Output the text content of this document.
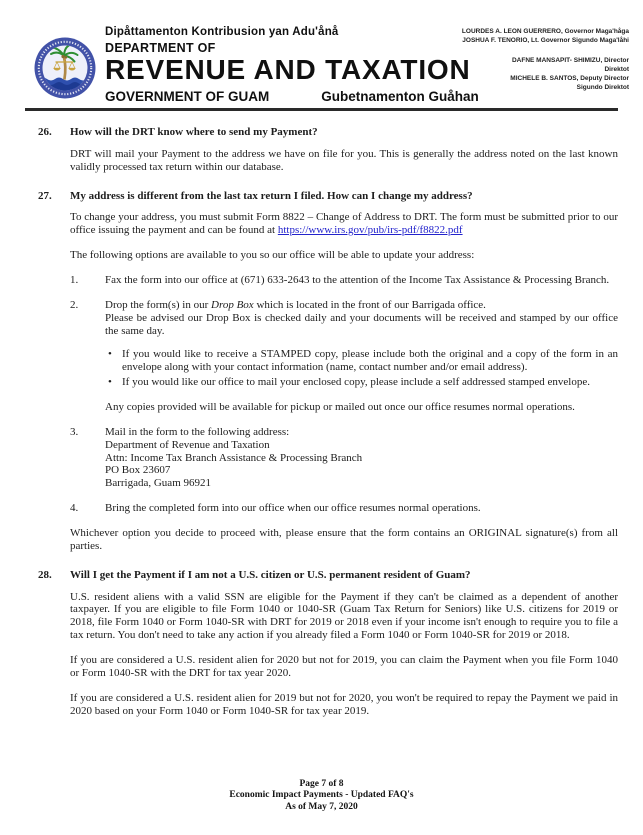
Dipåttamenton Kontribusion yan Adu'ånå
DEPARTMENT OF
REVENUE AND TAXATION
GOVERNMENT OF GUAM	Gubetnamenton Guåhan
LOURDES A. LEON GUERRERO, Governor Maga'håga
JOSHUA F. TENORIO, Lt. Governor Sigundo Maga'låhi
DAFNE MANSAPIT- SHIMIZU, Director
Direktot
MICHELE B. SANTOS, Deputy Director
Sigundo Direktot
26.	How will the DRT know where to send my Payment?

DRT will mail your Payment to the address we have on file for you. This is generally the address noted on the last known validly processed tax return within our database.

27.	My address is different from the last tax return I filed. How can I change my address?

To change your address, you must submit Form 8822 – Change of Address to DRT. The form must be submitted prior to our office issuing the payment and can be found at https://www.irs.gov/pub/irs-pdf/f8822.pdf

The following options are available to you so our office will be able to update your address:

1.	Fax the form into our office at (671) 633-2643 to the attention of the Income Tax Assistance & Processing Branch.
2.	Drop the form(s) in our Drop Box which is located in the front of our Barrigada office.
Please be advised our Drop Box is checked daily and your documents will be received and stamped by our office the same day.
•
If you would like to receive a STAMPED copy, please include both the original and a copy of the form in an envelope along with your contact information (name, contact number and/or email address).
•
If you would like our office to mail your enclosed copy, please include a self addressed stamped envelope.

Any copies provided will be available for pickup or mailed out once our office resumes normal operations.

3.	Mail in the form to the following address:
Department of Revenue and Taxation
Attn: Income Tax Branch Assistance & Processing Branch
PO Box 23607
Barrigada, Guam 96921
4.	Bring the completed form into our office when our office resumes normal operations.

Whichever option you decide to proceed with, please ensure that the form contains an ORIGINAL signature(s) from all parties.

28.	Will I get the Payment if I am not a U.S. citizen or U.S. permanent resident of Guam?

U.S. resident aliens with a valid SSN are eligible for the Payment if they can't be claimed as a dependent of another taxpayer. If you are eligible to file Form 1040 or 1040-SR (Guam Tax Return for Seniors) like U.S. citizens for 2019 or 2018, file Form 1040 or Form 1040-SR with DRT for 2019 or 2018 even if your income isn't enough to require you to file a tax return. You don't need to take any action if you already filed a Form 1040 or Form 1040-SR for 2019 or 2018.

If you are considered a U.S. resident alien for 2020 but not for 2019, you can claim the Payment when you file Form 1040 or Form 1040-SR with the DRT for tax year 2020.

If you are considered a U.S. resident alien for 2019 but not for 2020, you won't be required to repay the Payment we paid in 2020 based on your Form 1040 or Form 1040-SR for tax year 2019.

Page 7 of 8
Economic Impact Payments - Updated FAQ's
As of May 7, 2020
